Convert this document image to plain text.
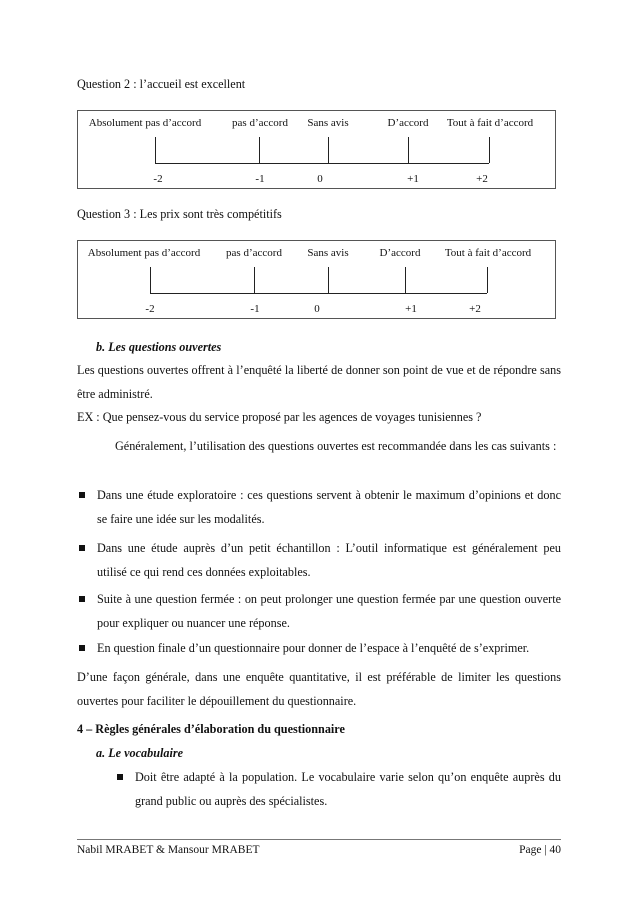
Question 2 : l’accueil est excellent
Absolument pas d’accord	pas d’accord Sans avis	D’accord Tout à fait d’accord
-2	-1	0	+1	+2
Question 3 : Les prix sont très compétitifs
Absolument pas d’accord pas d’accord Sans avis	D’accord Tout à fait d’accord
-2	-1	0	+1	+2
b. Les questions ouvertes
Les questions ouvertes offrent à l’enquêté la liberté de donner son point de vue et de répondre sans être administré.
EX : Que pensez-vous du service proposé par les agences de voyages tunisiennes ?
Généralement, l’utilisation des questions ouvertes est recommandée dans les cas suivants :
Dans une étude exploratoire : ces questions servent à obtenir le maximum d’opinions et donc se faire une idée sur les modalités.
Dans une étude auprès d’un petit échantillon : L’outil informatique est généralement peu utilisé ce qui rend ces données exploitables.
Suite à une question fermée : on peut prolonger une question fermée par une question ouverte pour expliquer ou nuancer une réponse.
En question finale d’un questionnaire pour donner de l’espace à l’enquêté de s’exprimer.
D’une façon générale, dans une enquête quantitative, il est préférable de limiter les questions ouvertes pour faciliter le dépouillement du questionnaire.
4 – Règles générales d’élaboration du questionnaire
a. Le vocabulaire
Doit être adapté à la population. Le vocabulaire varie selon qu’on enquête auprès du grand public ou auprès des spécialistes.
Nabil MRABET & Mansour MRABET	Page | 40
